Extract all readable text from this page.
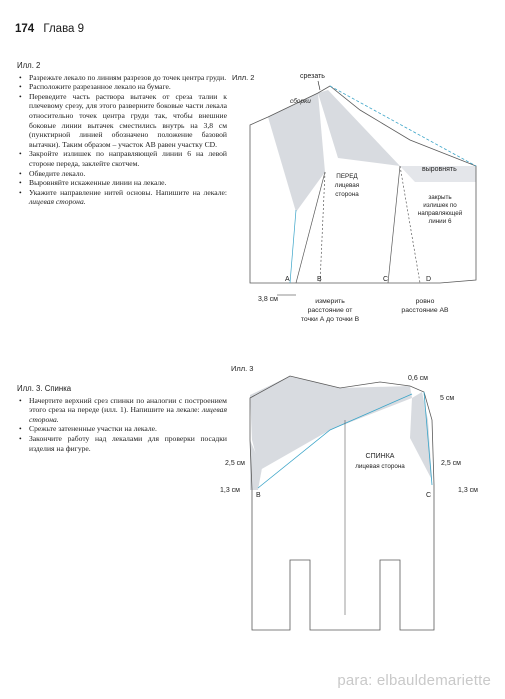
174 Глава 9
Илл. 2
• Разрежьте лекало по линиям разрезов до точек центра груди.
• Расположите разрезанное лекало на бумаге.
• Переведите часть раствора вытачек от среза талии к плечевому срезу, для этого разверните боковые части лекала относительно точек центра груди так, чтобы внешние боковые линии вытачек сместились внутрь на 3,8 см (пунктирной линией обозначено положение базовой вытачки). Таким образом – участок АВ равен участку CD.
• Закройте излишек по направляющей линии 6 на левой стороне переда, заклейте скотчем.
• Обведите лекало.
• Выровняйте искаженные линии на лекале.
• Укажите направление нитей основы. Напишите на лекале: лицевая сторона.
Илл. 3. Спинка
• Начертите верхний срез спинки по аналогии с построением этого среза на переде (илл. 1). Напишите на лекале: лицевая сторона.
• Срежьте затененные участки на лекале.
• Закончите работу над лекалами для проверки посадки изделия на фигуре.
Илл. 2	срезать
сборки
ПЕРЕД
лицевая
сторона
выровнять
закрыть
излишек по
направляющей
линии 6
3,8 см
A	B	C	D
измерить
расстояние от
точки А до точки В
ровно
расстояние АВ
Илл. 3
0,6 см
5 см
2,5 см
1,3 см
2,5 см
1,3 см
СПИНКА
лицевая сторона
B	C
para: elbauldemariette
